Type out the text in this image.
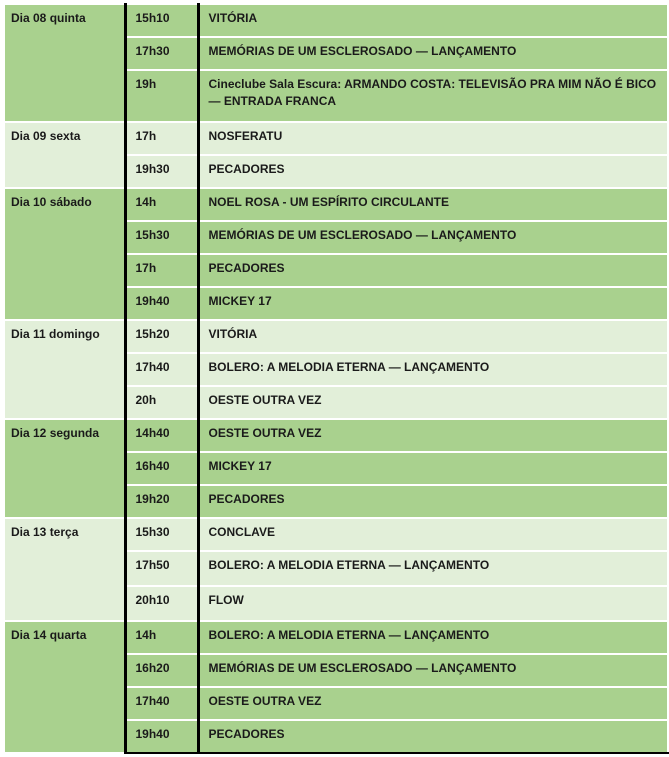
Dia 08 quinta	15h10	VITÓRIA
	17h30	MEMÓRIAS DE UM ESCLEROSADO — LANÇAMENTO
	19h	Cineclube Sala Escura: ARMANDO COSTA: TELEVISÃO PRA MIM NÃO É BICO — ENTRADA FRANCA
Dia 09 sexta	17h	NOSFERATU
	19h30	PECADORES
Dia 10 sábado	14h	NOEL ROSA - UM ESPÍRITO CIRCULANTE
	15h30	MEMÓRIAS DE UM ESCLEROSADO — LANÇAMENTO
	17h	PECADORES
	19h40	MICKEY 17
Dia 11 domingo	15h20	VITÓRIA
	17h40	BOLERO: A MELODIA ETERNA — LANÇAMENTO
	20h	OESTE OUTRA VEZ
Dia 12 segunda	14h40	OESTE OUTRA VEZ
	16h40	MICKEY 17
	19h20	PECADORES
Dia 13 terça	15h30	CONCLAVE
	17h50	BOLERO: A MELODIA ETERNA — LANÇAMENTO
	20h10	FLOW
Dia 14 quarta	14h	BOLERO: A MELODIA ETERNA — LANÇAMENTO
	16h20	MEMÓRIAS DE UM ESCLEROSADO — LANÇAMENTO
	17h40	OESTE OUTRA VEZ
	19h40	PECADORES
